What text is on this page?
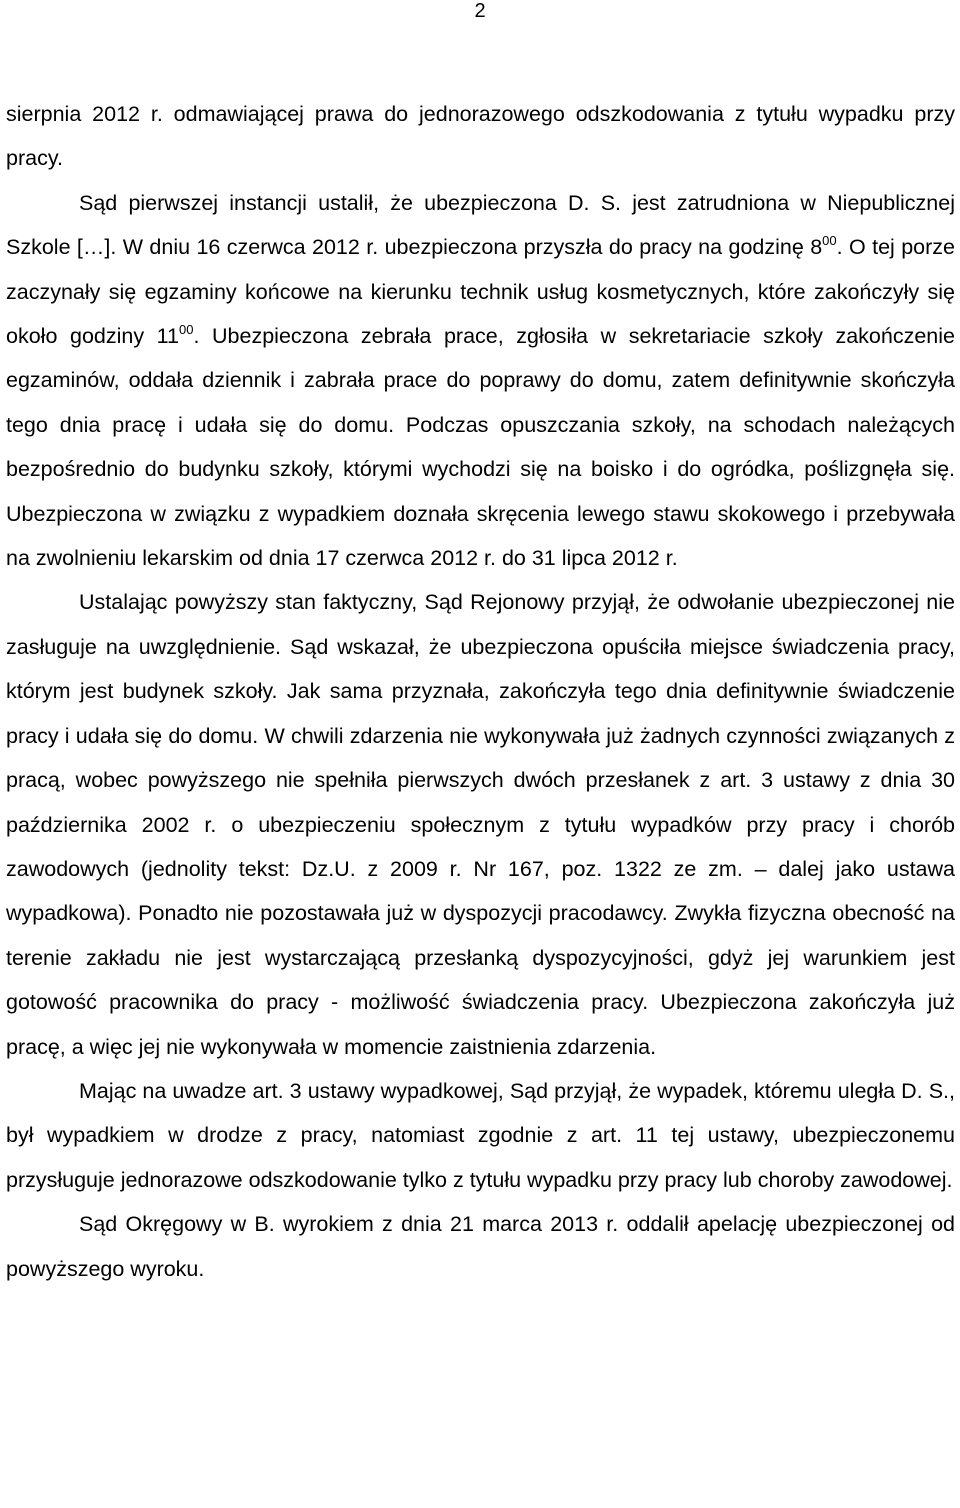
2

sierpnia 2012 r. odmawiającej prawa do jednorazowego odszkodowania z tytułu wypadku przy pracy.

Sąd pierwszej instancji ustalił, że ubezpieczona D. S. jest zatrudniona w Niepublicznej Szkole […]. W dniu 16 czerwca 2012 r. ubezpieczona przyszła do pracy na godzinę $8^{00}$. O tej porze zaczynały się egzaminy końcowe na kierunku technik usług kosmetycznych, które zakończyły się około godziny $11^{00}$. Ubezpieczona zebrała prace, zgłosiła w sekretariacie szkoły zakończenie egzaminów, oddała dziennik i zabrała prace do poprawy do domu, zatem definitywnie skończyła tego dnia pracę i udała się do domu. Podczas opuszczania szkoły, na schodach należących bezpośrednio do budynku szkoły, którymi wychodzi się na boisko i do ogródka, poślizgnęła się. Ubezpieczona w związku z wypadkiem doznała skręcenia lewego stawu skokowego i przebywała na zwolnieniu lekarskim od dnia 17 czerwca 2012 r. do 31 lipca 2012 r.

Ustalając powyższy stan faktyczny, Sąd Rejonowy przyjął, że odwołanie ubezpieczonej nie zasługuje na uwzględnienie. Sąd wskazał, że ubezpieczona opuściła miejsce świadczenia pracy, którym jest budynek szkoły. Jak sama przyznała, zakończyła tego dnia definitywnie świadczenie pracy i udała się do domu. W chwili zdarzenia nie wykonywała już żadnych czynności związanych z pracą, wobec powyższego nie spełniła pierwszych dwóch przesłanek z art. 3 ustawy z dnia 30 października 2002 r. o ubezpieczeniu społecznym z tytułu wypadków przy pracy i chorób zawodowych (jednolity tekst: Dz.U. z 2009 r. Nr 167, poz. 1322 ze zm. – dalej jako ustawa wypadkowa). Ponadto nie pozostawała już w dyspozycji pracodawcy. Zwykła fizyczna obecność na terenie zakładu nie jest wystarczającą przesłanką dyspozycyjności, gdyż jej warunkiem jest gotowość pracownika do pracy - możliwość świadczenia pracy. Ubezpieczona zakończyła już pracę, a więc jej nie wykonywała w momencie zaistnienia zdarzenia.

Mając na uwadze art. 3 ustawy wypadkowej, Sąd przyjął, że wypadek, któremu uległa D. S., był wypadkiem w drodze z pracy, natomiast zgodnie z art. 11 tej ustawy, ubezpieczonemu przysługuje jednorazowe odszkodowanie tylko z tytułu wypadku przy pracy lub choroby zawodowej.

Sąd Okręgowy w B. wyrokiem z dnia 21 marca 2013 r. oddalił apelację ubezpieczonej od powyższego wyroku.
